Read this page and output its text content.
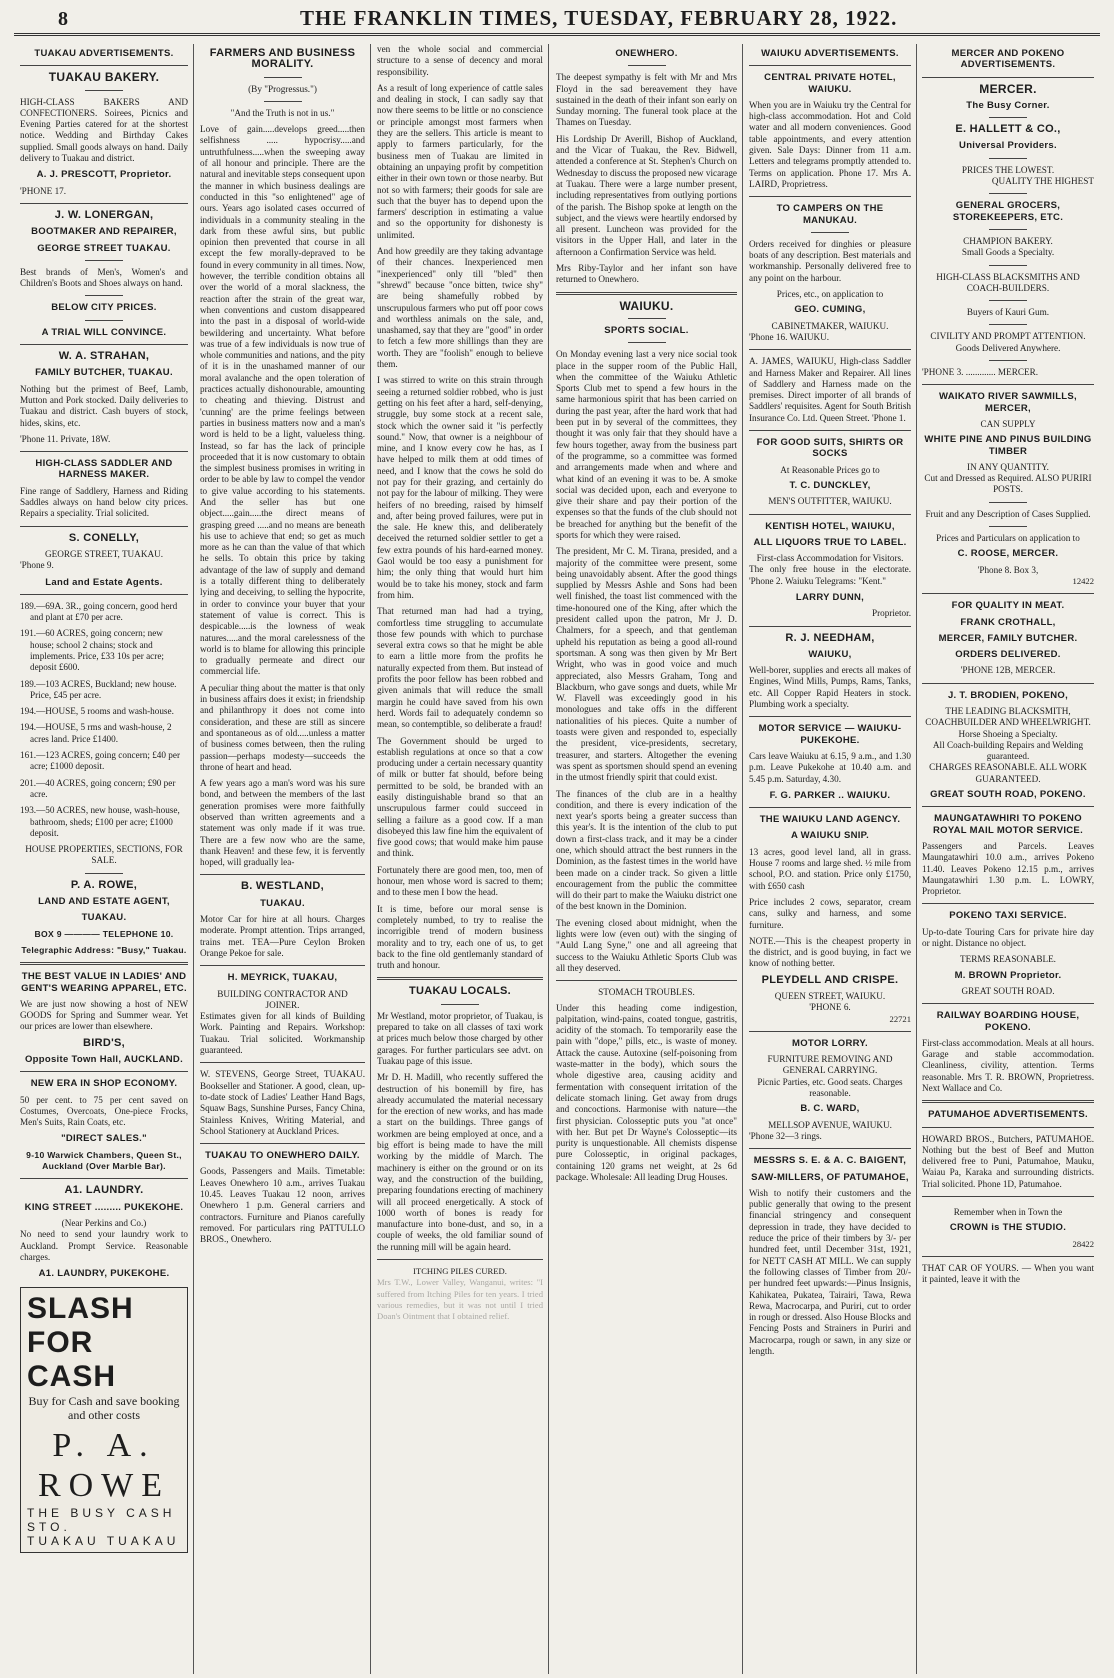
8	THE FRANKLIN TIMES, TUESDAY, FEBRUARY 28, 1922.
TUAKAU ADVERTISEMENTS.
TUAKAU BAKERY.

HIGH-CLASS BAKERS AND CONFECTIONERS. Soirees, Picnics and Evening Parties catered for at the shortest notice. Wedding and Birthday Cakes supplied. Small goods always on hand. Daily delivery to Tuakau and district.

A. J. PRESCOTT, Proprietor.

'PHONE 17.

J. W. LONERGAN,
BOOTMAKER AND REPAIRER,
GEORGE STREET TUAKAU.

Best brands of Men's, Women's and Children's Boots and Shoes always on hand.

BELOW CITY PRICES.
A TRIAL WILL CONVINCE.
W. A. STRAHAN,
FAMILY BUTCHER, TUAKAU.

Nothing but the primest of Beef, Lamb, Mutton and Pork stocked. Daily deliveries to Tuakau and district. Cash buyers of stock, hides, skins, etc.

'Phone 11. Private, 18W.

HIGH-CLASS SADDLER AND HARNESS MAKER.

Fine range of Saddlery, Harness and Riding Saddles always on hand below city prices. Repairs a speciality. Trial solicited.

S. CONELLY,
GEORGE STREET, TUAKAU.

'Phone 9.

Land and Estate Agents.

189.—69A. 3R., going concern, good herd and plant at £70 per acre.

191.—60 ACRES, going concern; new house; school 2 chains; stock and implements. Price, £33 10s per acre; deposit £600.

189.—103 ACRES, Buckland; new house. Price, £45 per acre.

194.—HOUSE, 5 rooms and wash-house.

194.—HOUSE, 5 rms and wash-house, 2 acres land. Price £1400.

161.—123 ACRES, going concern; £40 per acre; £1000 deposit.

201.—40 ACRES, going concern; £90 per acre.

193.—50 ACRES, new house, wash-house, bathroom, sheds; £100 per acre; £1000 deposit.

HOUSE PROPERTIES, SECTIONS, FOR SALE.
P. A. ROWE,
LAND AND ESTATE AGENT,
TUAKAU.
BOX 9 ———— TELEPHONE 10.
Telegraphic Address: "Busy," Tuakau.
THE BEST VALUE IN LADIES' AND GENT'S WEARING APPAREL, ETC.

We are just now showing a host of NEW GOODS for Spring and Summer wear. Yet our prices are lower than elsewhere.

BIRD'S,
Opposite Town Hall, AUCKLAND.
NEW ERA IN SHOP ECONOMY.

50 per cent. to 75 per cent saved on Costumes, Overcoats, One-piece Frocks, Men's Suits, Rain Coats, etc.

"DIRECT SALES."
9-10 Warwick Chambers, Queen St., Auckland (Over Marble Bar).
A1. LAUNDRY.
KING STREET ......... PUKEKOHE.
(Near Perkins and Co.)

No need to send your laundry work to Auckland. Prompt Service. Reasonable charges.

A1. LAUNDRY, PUKEKOHE.
SLASH FOR CASH
Buy for Cash and save booking and other costs
P. A. ROWE
THE BUSY CASH STO.
TUAKAU TUAKAU
FARMERS AND BUSINESS MORALITY.
(By "Progressus.")
"And the Truth is not in us."

Love of gain.....develops greed.....then selfishness ..... hypocrisy.....and untruthfulness.....when the sweeping away of all honour and principle. There are the natural and inevitable steps consequent upon the manner in which business dealings are conducted in this "so enlightened" age of ours. Years ago isolated cases occurred of individuals in a community stealing in the dark from these awful sins, but public opinion then prevented that course in all except the few morally-depraved to be found in every community in all times. Now, however, the terrible condition obtains all over the world of a moral slackness, the reaction after the strain of the great war, when conventions and custom disappeared into the past in a disposal of world-wide bewildering and uncertainty. What before was true of a few individuals is now true of whole communities and nations, and the pity of it is in the unashamed manner of our moral avalanche and the open toleration of practices actually dishonourable, amounting to cheating and thieving. Distrust and 'cunning' are the prime feelings between parties in business matters now and a man's word is held to be a light, valueless thing. Instead, so far has the lack of principle proceeded that it is now customary to obtain the simplest business promises in writing in order to be able by law to compel the vendor to give value according to his statements. And the seller has but one object.....gain.....the direct means of grasping greed .....and no means are beneath his use to achieve that end; so get as much more as he can than the value of that which he sells. To obtain this price by taking advantage of the law of supply and demand is a totally different thing to deliberately lying and deceiving, to selling the hypocrite, in order to convince your buyer that your statement of value is correct. This is despicable.....is the lowness of weak natures.....and the moral carelessness of the world is to blame for allowing this principle to gradually permeate and direct our commercial life.

A peculiar thing about the matter is that only in business affairs does it exist; in friendship and philanthropy it does not come into consideration, and these are still as sincere and spontaneous as of old.....unless a matter of business comes between, then the ruling passion—perhaps modesty—succeeds the throne of heart and head.

A few years ago a man's word was his sure bond, and between the members of the last generation promises were more faithfully observed than written agreements and a statement was only made if it was true. There are a few now who are the same, thank Heaven! and these few, it is fervently hoped, will gradually lea-

B. WESTLAND,
TUAKAU.

Motor Car for hire at all hours. Charges moderate. Prompt attention. Trips arranged, trains met. TEA—Pure Ceylon Broken Orange Pekoe for sale.

H. MEYRICK, TUAKAU,
BUILDING CONTRACTOR AND JOINER.

Estimates given for all kinds of Building Work. Painting and Repairs. Workshop: Tuakau. Trial solicited. Workmanship guaranteed.

W. STEVENS, George Street, TUAKAU. Bookseller and Stationer. A good, clean, up-to-date stock of Ladies' Leather Hand Bags, Squaw Bags, Sunshine Purses, Fancy China, Stainless Knives, Writing Material, and School Stationery at Auckland Prices.

TUAKAU TO ONEWHERO DAILY.

Goods, Passengers and Mails. Timetable: Leaves Onewhero 10 a.m., arrives Tuakau 10.45. Leaves Tuakau 12 noon, arrives Onewhero 1 p.m. General carriers and contractors. Furniture and Pianos carefully removed. For particulars ring PATTULLO BROS., Onewhero.

ven the whole social and commercial structure to a sense of decency and moral responsibility.

As a result of long experience of cattle sales and dealing in stock, I can sadly say that now there seems to be little or no conscience or principle amongst most farmers when they are the sellers. This article is meant to apply to farmers particularly, for the business men of Tuakau are limited in obtaining an unpaying profit by competition either in their own town or those nearby. But not so with farmers; their goods for sale are such that the buyer has to depend upon the farmers' description in estimating a value and so the opportunity for dishonesty is unlimited.

And how greedily are they taking advantage of their chances. Inexperienced men "inexperienced" only till "bled" then "shrewd" because "once bitten, twice shy" are being shamefully robbed by unscrupulous farmers who put off poor cows and worthless animals on the sale, and, unashamed, say that they are "good" in order to fetch a few more shillings than they are worth. They are "foolish" enough to believe them.

I was stirred to write on this strain through seeing a returned soldier robbed, who is just getting on his feet after a hard, self-denying, struggle, buy some stock at a recent sale, stock which the owner said it "is perfectly sound." Now, that owner is a neighbour of mine, and I know every cow he has, as I have helped to milk them at odd times of need, and I know that the cows he sold do not pay for their grazing, and certainly do not pay for the labour of milking. They were heifers of no breeding, raised by himself and, after being proved failures, were put in the sale. He knew this, and deliberately deceived the returned soldier settler to get a few extra pounds of his hard-earned money. Gaol would be too easy a punishment for him; the only thing that would hurt him would be to take his money, stock and farm from him.

That returned man had had a trying, comfortless time struggling to accumulate those few pounds with which to purchase several extra cows so that he might be able to earn a little more from the profits he naturally expected from them. But instead of profits the poor fellow has been robbed and given animals that will reduce the small margin he could have saved from his own herd. Words fail to adequately condemn so mean, so contemptible, so deliberate a fraud!

The Government should be urged to establish regulations at once so that a cow producing under a certain necessary quantity of milk or butter fat should, before being permitted to be sold, be branded with an easily distinguishable brand so that an unscrupulous farmer could succeed in selling a failure as a good cow. If a man disobeyed this law fine him the equivalent of five good cows; that would make him pause and think.

Fortunately there are good men, too, men of honour, men whose word is sacred to them; and to these men I bow the head.

It is time, before our moral sense is completely numbed, to try to realise the incorrigible trend of modern business morality and to try, each one of us, to get back to the fine old gentlemanly standard of truth and honour.

TUAKAU LOCALS.

Mr Westland, motor proprietor, of Tuakau, is prepared to take on all classes of taxi work at prices much below those charged by other garages. For further particulars see advt. on Tuakau page of this issue.

Mr D. H. Madill, who recently suffered the destruction of his bonemill by fire, has already accumulated the material necessary for the erection of new works, and has made a start on the buildings. Three gangs of workmen are being employed at once, and a big effort is being made to have the mill working by the middle of March. The machinery is either on the ground or on its way, and the construction of the building, preparing foundations erecting of machinery will all proceed energetically. A stock of 1000 worth of bones is ready for manufacture into bone-dust, and so, in a couple of weeks, the old familiar sound of the running mill will be again heard.

ITCHING PILES CURED.

Mrs T.W., Lower Valley, Wanganui, writes: "I suffered from Itching Piles for ten years. I tried various remedies, but it was not until I tried Doan's Ointment that I obtained relief.

ONEWHERO.

The deepest sympathy is felt with Mr and Mrs Floyd in the sad bereavement they have sustained in the death of their infant son early on Sunday morning. The funeral took place at the Thames on Tuesday.

His Lordship Dr Averill, Bishop of Auckland, and the Vicar of Tuakau, the Rev. Bidwell, attended a conference at St. Stephen's Church on Wednesday to discuss the proposed new vicarage at Tuakau. There were a large number present, including representatives from outlying portions of the parish. The Bishop spoke at length on the subject, and the views were heartily endorsed by all present. Luncheon was provided for the visitors in the Upper Hall, and later in the afternoon a Confirmation Service was held.

Mrs Riby-Taylor and her infant son have returned to Onewhero.

WAIUKU.
SPORTS SOCIAL.

On Monday evening last a very nice social took place in the supper room of the Public Hall, when the committee of the Waiuku Athletic Sports Club met to spend a few hours in the same harmonious spirit that has been carried on during the past year, after the hard work that had been put in by several of the committees, they thought it was only fair that they should have a few hours together, away from the business part of the programme, so a committee was formed and arrangements made when and where and what kind of an evening it was to be. A smoke social was decided upon, each and everyone to give their share and pay their portion of the expenses so that the funds of the club should not be breached for anything but the benefit of the sports for which they were raised.

The president, Mr C. M. Tirana, presided, and a majority of the committee were present, some being unavoidably absent. After the good things supplied by Messrs Ashle and Sons had been well finished, the toast list commenced with the time-honoured one of the King, after which the president called upon the patron, Mr J. D. Chalmers, for a speech, and that gentleman upheld his reputation as being a good all-round sportsman. A song was then given by Mr Bert Wright, who was in good voice and much appreciated, also Messrs Graham, Tong and Blackburn, who gave songs and duets, while Mr W. Flavell was exceedingly good in his monologues and take offs in the different nationalities of his pieces. Quite a number of toasts were given and responded to, especially the president, vice-presidents, secretary, treasurer, and starters. Altogether the evening was spent as sportsmen should spend an evening in the utmost friendly spirit that could exist.

The finances of the club are in a healthy condition, and there is every indication of the next year's sports being a greater success than this year's. It is the intention of the club to put down a first-class track, and it may be a cinder one, which should attract the best runners in the Dominion, as the fastest times in the world have been made on a cinder track. So given a little encouragement from the public the committee will do their part to make the Waiuku district one of the best known in the Dominion.

The evening closed about midnight, when the lights were low (even out) with the singing of "Auld Lang Syne," one and all agreeing that success to the Waiuku Athletic Sports Club was all they deserved.

STOMACH TROUBLES.

Under this heading come indigestion, palpitation, wind-pains, coated tongue, gastritis, acidity of the stomach. To temporarily ease the pain with "dope," pills, etc., is waste of money. Attack the cause. Autoxine (self-poisoning from waste-matter in the body), which sours the whole digestive area, causing acidity and fermentation with consequent irritation of the delicate stomach lining. Get away from drugs and concoctions. Harmonise with nature—the first physician. Colosseptic puts you "at once" with her. But pet Dr Wayne's Colosseptic—its purity is unquestionable. All chemists dispense pure Colosseptic, in original packages, containing 120 grams net weight, at 2s 6d package. Wholesale: All leading Drug Houses.

WAIUKU ADVERTISEMENTS.
CENTRAL PRIVATE HOTEL, WAIUKU.

When you are in Waiuku try the Central for high-class accommodation. Hot and Cold water and all modern conveniences. Good table appointments, and every attention given. Sale Days: Dinner from 11 a.m. Letters and telegrams promptly attended to. Terms on application. Phone 17. Mrs A. LAIRD, Proprietress.

TO CAMPERS ON THE MANUKAU.

Orders received for dinghies or pleasure boats of any description. Best materials and workmanship. Personally delivered free to any point on the harbour.

Prices, etc., on application to
GEO. CUMING,
CABINETMAKER, WAIUKU.

'Phone 16. WAIUKU.

A. JAMES, WAIUKU, High-class Saddler and Harness Maker and Repairer. All lines of Saddlery and Harness made on the premises. Direct importer of all brands of Saddlers' requisites. Agent for South British Insurance Co. Ltd. Queen Street. 'Phone 1.

FOR GOOD SUITS, SHIRTS OR SOCKS
At Reasonable Prices go to
T. C. DUNCKLEY,
MEN'S OUTFITTER, WAIUKU.
KENTISH HOTEL, WAIUKU,
ALL LIQUORS TRUE TO LABEL.
First-class Accommodation for Visitors.

The only free house in the electorate. 'Phone 2. Waiuku Telegrams: "Kent."

LARRY DUNN,
Proprietor.
R. J. NEEDHAM,
WAIUKU,

Well-borer, supplies and erects all makes of Engines, Wind Mills, Pumps, Rams, Tanks, etc. All Copper Rapid Heaters in stock. Plumbing work a specialty.

MOTOR SERVICE — WAIUKU-PUKEKOHE.

Cars leave Waiuku at 6.15, 9 a.m., and 1.30 p.m. Leave Pukekohe at 10.40 a.m. and 5.45 p.m. Saturday, 4.30.

F. G. PARKER .. WAIUKU.
THE WAIUKU LAND AGENCY.
A WAIUKU SNIP.

13 acres, good level land, all in grass. House 7 rooms and large shed. ½ mile from school, P.O. and station. Price only £1750, with £650 cash

Price includes 2 cows, separator, cream cans, sulky and harness, and some furniture.

NOTE.—This is the cheapest property in the district, and is good buying, in fact we know of nothing better.

PLEYDELL AND CRISPE.
QUEEN STREET, WAIUKU.
'PHONE 6.
22721
MOTOR LORRY.
FURNITURE REMOVING AND GENERAL CARRYING.
Picnic Parties, etc. Good seats. Charges reasonable.
B. C. WARD,
MELLSOP AVENUE, WAIUKU.

'Phone 32—3 rings.

MESSRS S. E. & A. C. BAIGENT,
SAW-MILLERS, OF PATUMAHOE,

Wish to notify their customers and the public generally that owing to the present financial stringency and consequent depression in trade, they have decided to reduce the price of their timbers by 3/- per hundred feet, until December 31st, 1921, for NETT CASH AT MILL. We can supply the following classes of Timber from 20/- per hundred feet upwards:—Pinus Insignis, Kahikatea, Pukatea, Tairairi, Tawa, Rewa Rewa, Macrocarpa, and Puriri, cut to order in rough or dressed. Also House Blocks and Fencing Posts and Strainers in Puriri and Macrocarpa, rough or sawn, in any size or length.

MERCER AND POKENO ADVERTISEMENTS.
MERCER.
The Busy Corner.
E. HALLETT & CO.,
Universal Providers.
PRICES THE LOWEST.
QUALITY THE HIGHEST
GENERAL GROCERS, STOREKEEPERS, ETC.
CHAMPION BAKERY.
Small Goods a Specialty.
HIGH-CLASS BLACKSMITHS AND COACH-BUILDERS.
Buyers of Kauri Gum.
CIVILITY AND PROMPT ATTENTION.
Goods Delivered Anywhere.

'PHONE 3. ............. MERCER.

WAIKATO RIVER SAWMILLS, MERCER,
CAN SUPPLY
WHITE PINE AND PINUS BUILDING TIMBER
IN ANY QUANTITY.
Cut and Dressed as Required. ALSO PURIRI POSTS.
Fruit and any Description of Cases Supplied.
Prices and Particulars on application to
C. ROOSE, MERCER.
'Phone 8. Box 3,
12422
FOR QUALITY IN MEAT.
FRANK CROTHALL,
MERCER, FAMILY BUTCHER.
ORDERS DELIVERED.
'PHONE 12B, MERCER.
J. T. BRODIEN, POKENO,
THE LEADING BLACKSMITH, COACHBUILDER AND WHEELWRIGHT.
Horse Shoeing a Specialty.
All Coach-building Repairs and Welding guaranteed.
CHARGES REASONABLE. ALL WORK GUARANTEED.
GREAT SOUTH ROAD, POKENO.
MAUNGATAWHIRI TO POKENO ROYAL MAIL MOTOR SERVICE.

Passengers and Parcels. Leaves Maungatawhiri 10.0 a.m., arrives Pokeno 11.40. Leaves Pokeno 12.15 p.m., arrives Maungatawhiri 1.30 p.m. L. LOWRY, Proprietor.

POKENO TAXI SERVICE.

Up-to-date Touring Cars for private hire day or night. Distance no object.

TERMS REASONABLE.
M. BROWN Proprietor.
GREAT SOUTH ROAD.
RAILWAY BOARDING HOUSE, POKENO.

First-class accommodation. Meals at all hours. Garage and stable accommodation. Cleanliness, civility, attention. Terms reasonable. Mrs T. R. BROWN, Proprietress. Next Wallace and Co.

PATUMAHOE ADVERTISEMENTS.

HOWARD BROS., Butchers, PATUMAHOE. Nothing but the best of Beef and Mutton delivered free to Puni, Patumahoe, Mauku, Waiau Pa, Karaka and surrounding districts. Trial solicited. Phone 1D, Patumahoe.

Remember when in Town the
CROWN is THE STUDIO.
28422

THAT CAR OF YOURS. — When you want it painted, leave it with the
